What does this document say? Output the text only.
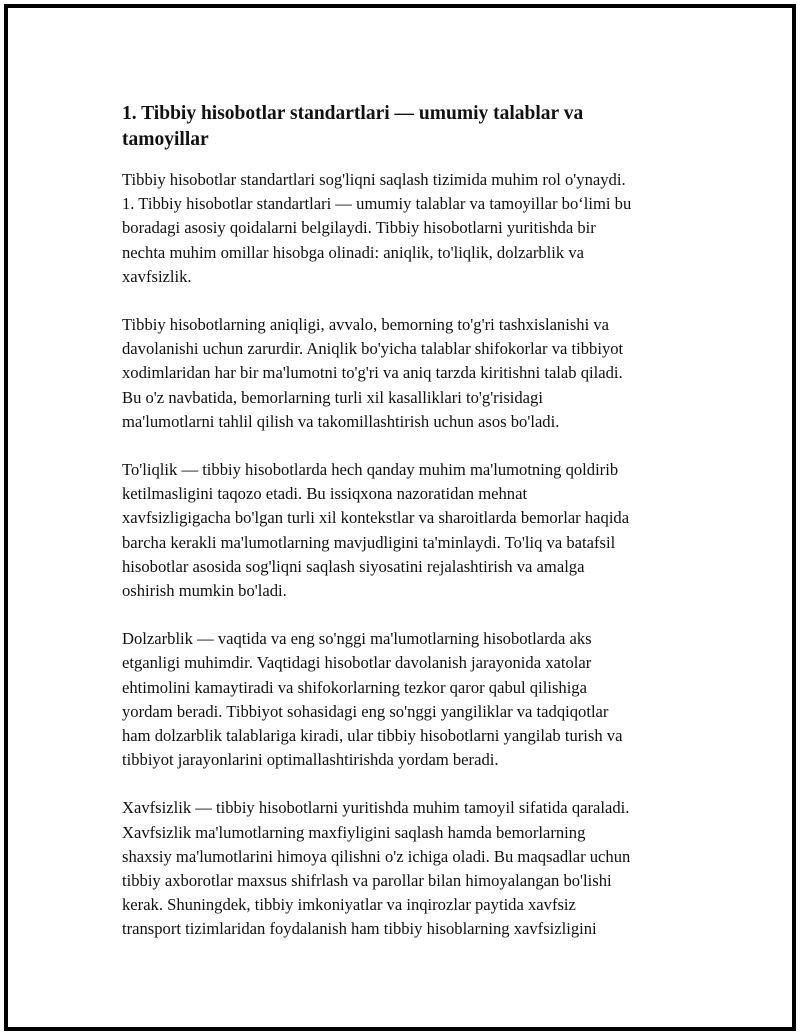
1. Tibbiy hisobotlar standartlari — umumiy talablar va
tamoyillar

Tibbiy hisobotlar standartlari sog'liqni saqlash tizimida muhim rol o'ynaydi.
1. Tibbiy hisobotlar standartlari — umumiy talablar va tamoyillar bo‘limi bu
boradagi asosiy qoidalarni belgilaydi. Tibbiy hisobotlarni yuritishda bir
nechta muhim omillar hisobga olinadi: aniqlik, to'liqlik, dolzarblik va
xavfsizlik.

Tibbiy hisobotlarning aniqligi, avvalo, bemorning to'g'ri tashxislanishi va
davolanishi uchun zarurdir. Aniqlik bo'yicha talablar shifokorlar va tibbiyot
xodimlaridan har bir ma'lumotni to'g'ri va aniq tarzda kiritishni talab qiladi.
Bu o'z navbatida, bemorlarning turli xil kasalliklari to'g'risidagi
ma'lumotlarni tahlil qilish va takomillashtirish uchun asos bo'ladi.

To'liqlik — tibbiy hisobotlarda hech qanday muhim ma'lumotning qoldirib
ketilmasligini taqozo etadi. Bu issiqxona nazoratidan mehnat
xavfsizligigacha bo'lgan turli xil kontekstlar va sharoitlarda bemorlar haqida
barcha kerakli ma'lumotlarning mavjudligini ta'minlaydi. To'liq va batafsil
hisobotlar asosida sog'liqni saqlash siyosatini rejalashtirish va amalga
oshirish mumkin bo'ladi.

Dolzarblik — vaqtida va eng so'nggi ma'lumotlarning hisobotlarda aks
etganligi muhimdir. Vaqtidagi hisobotlar davolanish jarayonida xatolar
ehtimolini kamaytiradi va shifokorlarning tezkor qaror qabul qilishiga
yordam beradi. Tibbiyot sohasidagi eng so'nggi yangiliklar va tadqiqotlar
ham dolzarblik talablariga kiradi, ular tibbiy hisobotlarni yangilab turish va
tibbiyot jarayonlarini optimallashtirishda yordam beradi.

Xavfsizlik — tibbiy hisobotlarni yuritishda muhim tamoyil sifatida qaraladi.
Xavfsizlik ma'lumotlarning maxfiyligini saqlash hamda bemorlarning
shaxsiy ma'lumotlarini himoya qilishni o'z ichiga oladi. Bu maqsadlar uchun
tibbiy axborotlar maxsus shifrlash va parollar bilan himoyalangan bo'lishi
kerak. Shuningdek, tibbiy imkoniyatlar va inqirozlar paytida xavfsiz
transport tizimlaridan foydalanish ham tibbiy hisoblarning xavfsizligini
